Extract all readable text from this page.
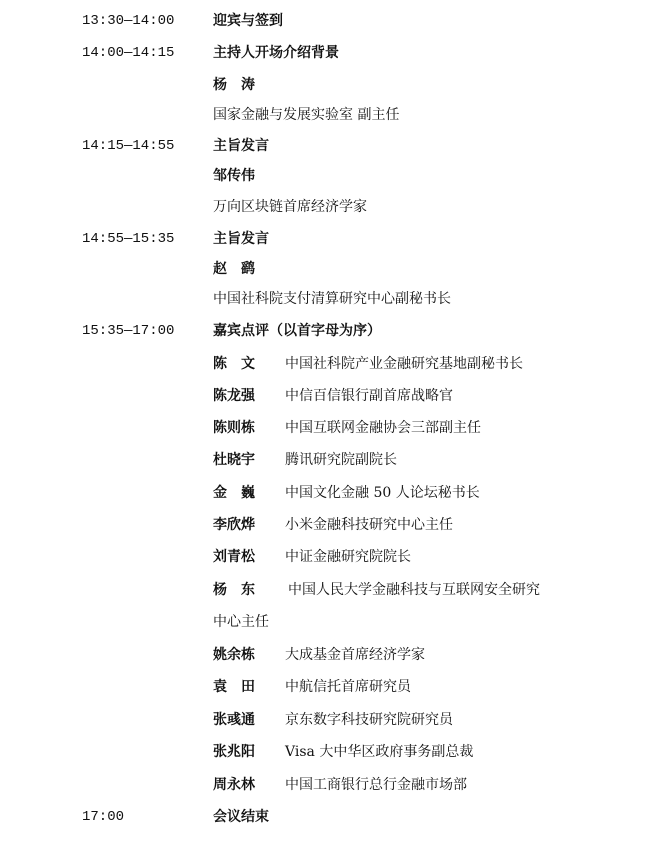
13:30—14:00	迎宾与签到
14:00—14:15	主持人开场介绍背景
杨　涛
国家金融与发展实验室 副主任
14:15—14:55	主旨发言
邹传伟
万向区块链首席经济学家
14:55—15:35	主旨发言
赵　鹞
中国社科院支付清算研究中心副秘书长
15:35—17:00	嘉宾点评（以首字母为序）
陈　文 中国社科院产业金融研究基地副秘书长
陈龙强 中信百信银行副首席战略官
陈则栋 中国互联网金融协会三部副主任
杜晓宇 腾讯研究院副院长
金　巍 中国文化金融 50 人论坛秘书长
李欣烨 小米金融科技研究中心主任
刘青松 中证金融研究院院长
杨　东 中国人民大学金融科技与互联网安全研究
中心主任
姚余栋 大成基金首席经济学家
袁　田 中航信托首席研究员
张彧通 京东数字科技研究院研究员
张兆阳 Visa 大中华区政府事务副总裁
周永林 中国工商银行总行金融市场部
17:00	会议结束
